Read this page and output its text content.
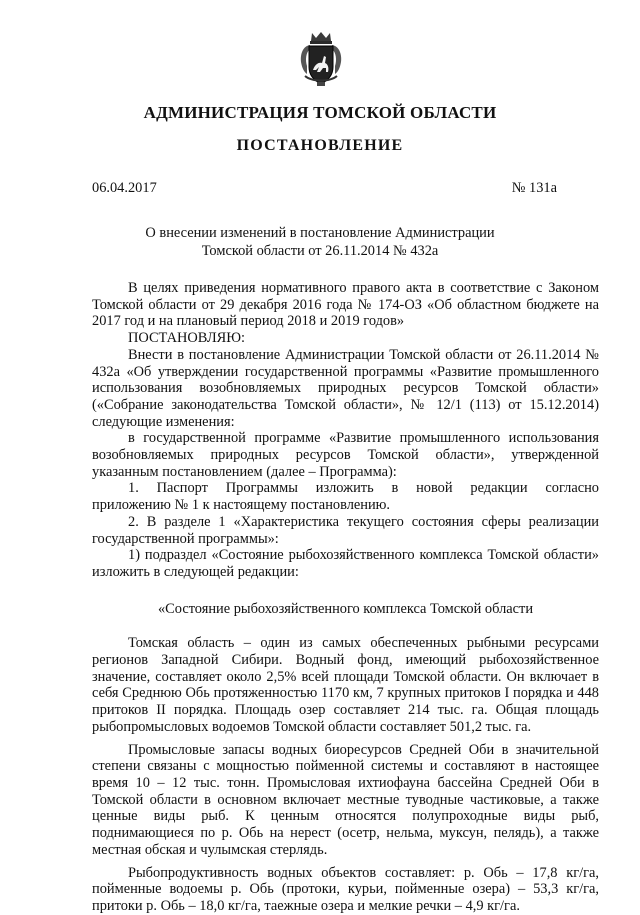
АДМИНИСТРАЦИЯ ТОМСКОЙ ОБЛАСТИ
ПОСТАНОВЛЕНИЕ
06.04.2017	№ 131а
О внесении изменений в постановление Администрации
Томской области от 26.11.2014 № 432а

В целях приведения нормативного правого акта в соответствие с Законом Томской области от 29 декабря 2016 года № 174-ОЗ «Об областном бюджете на 2017 год и на плановый период 2018 и 2019 годов»

ПОСТАНОВЛЯЮ:

Внести в постановление Администрации Томской области от 26.11.2014 № 432а «Об утверждении государственной программы «Развитие промышленного использования возобновляемых природных ресурсов Томской области» («Собрание законодательства Томской области», № 12/1 (113) от 15.12.2014) следующие изменения:

в государственной программе «Развитие промышленного использования возобновляемых природных ресурсов Томской области», утвержденной указанным постановлением (далее – Программа):

1. Паспорт Программы изложить в новой редакции согласно

приложению № 1 к настоящему постановлению.

2. В разделе 1 «Характеристика текущего состояния сферы реализации государственной программы»:

1) подраздел «Состояние рыбохозяйственного комплекса Томской области» изложить в следующей редакции:

«Состояние рыбохозяйственного комплекса Томской области

Томская область – один из самых обеспеченных рыбными ресурсами регионов Западной Сибири. Водный фонд, имеющий рыбохозяйственное значение, составляет около 2,5% всей площади Томской области. Он включает в себя Среднюю Обь протяженностью 1170 км, 7 крупных притоков I порядка и 448 притоков II порядка. Площадь озер составляет 214 тыс. га. Общая площадь рыбопромысловых водоемов Томской области составляет 501,2 тыс. га.

Промысловые запасы водных биоресурсов Средней Оби в значительной степени связаны с мощностью пойменной системы и составляют в настоящее время 10 – 12 тыс. тонн. Промысловая ихтиофауна бассейна Средней Оби в Томской области в основном включает местные туводные частиковые, а также ценные виды рыб. К ценным относятся полупроходные виды рыб, поднимающиеся по р. Обь на нерест (осетр, нельма, муксун, пелядь), а также местная обская и чулымская стерлядь.

Рыбопродуктивность водных объектов составляет: р. Обь – 17,8 кг/га, пойменные водоемы р. Обь (протоки, курьи, пойменные озера) – 53,3 кг/га, притоки р. Обь – 18,0 кг/га, таежные озера и мелкие речки – 4,9 кг/га.
